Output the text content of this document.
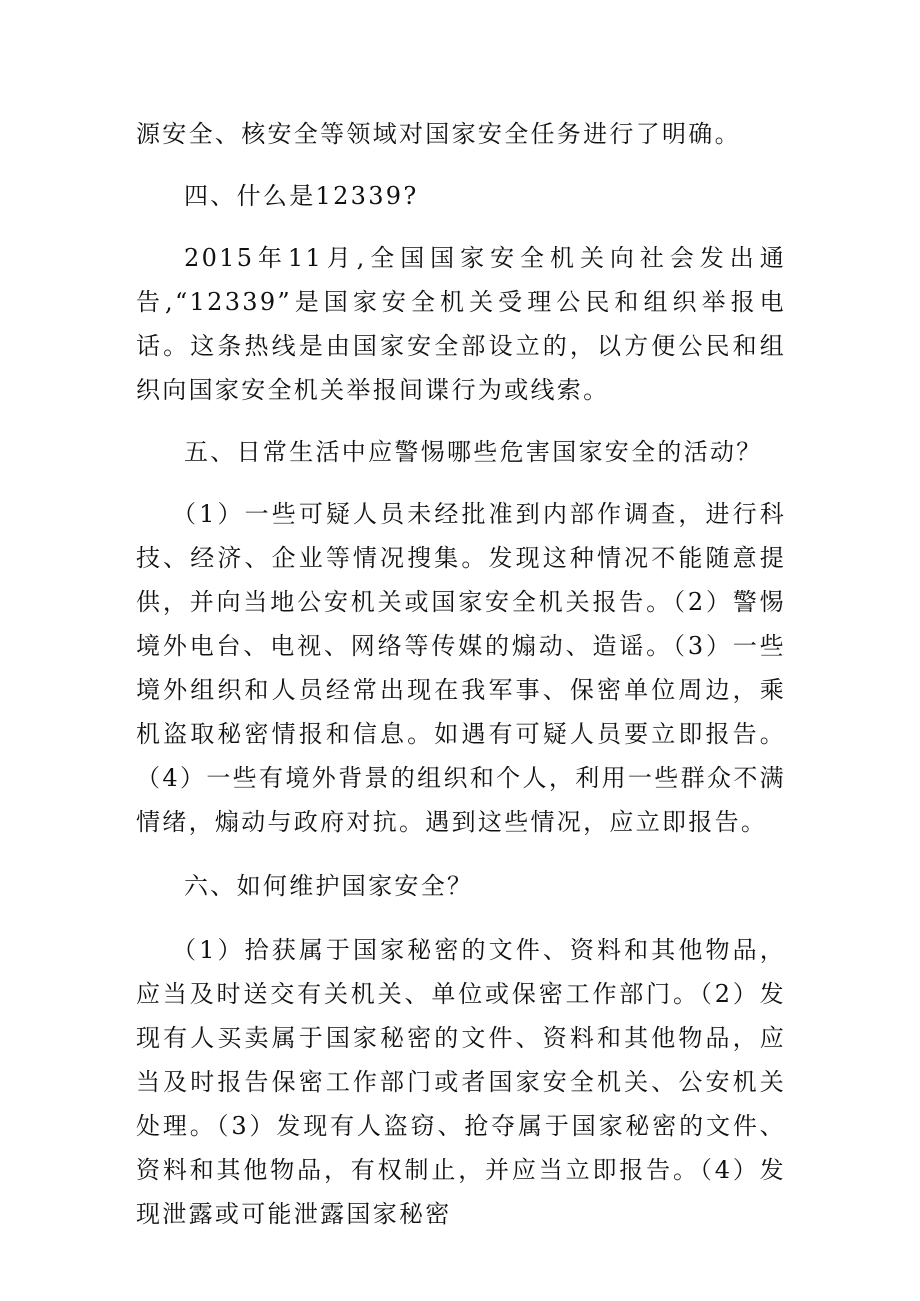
源安全、核安全等领域对国家安全任务进行了明确。

四、什么是12339?

2015年11月,全国国家安全机关向社会发出通告,“12339”是国家安全机关受理公民和组织举报电话。这条热线是由国家安全部设立的，以方便公民和组织向国家安全机关举报间谍行为或线索。

五、日常生活中应警惕哪些危害国家安全的活动？

（1）一些可疑人员未经批准到内部作调查，进行科技、经济、企业等情况搜集。发现这种情况不能随意提供，并向当地公安机关或国家安全机关报告。（2）警惕境外电台、电视、网络等传媒的煽动、造谣。（3）一些境外组织和人员经常出现在我军事、保密单位周边，乘机盗取秘密情报和信息。如遇有可疑人员要立即报告。（4）一些有境外背景的组织和个人，利用一些群众不满情绪，煽动与政府对抗。遇到这些情况，应立即报告。

六、如何维护国家安全？

（1）拾获属于国家秘密的文件、资料和其他物品，应当及时送交有关机关、单位或保密工作部门。（2）发现有人买卖属于国家秘密的文件、资料和其他物品，应当及时报告保密工作部门或者国家安全机关、公安机关处理。（3）发现有人盗窃、抢夺属于国家秘密的文件、资料和其他物品，有权制止，并应当立即报告。（4）发现泄露或可能泄露国家秘密
